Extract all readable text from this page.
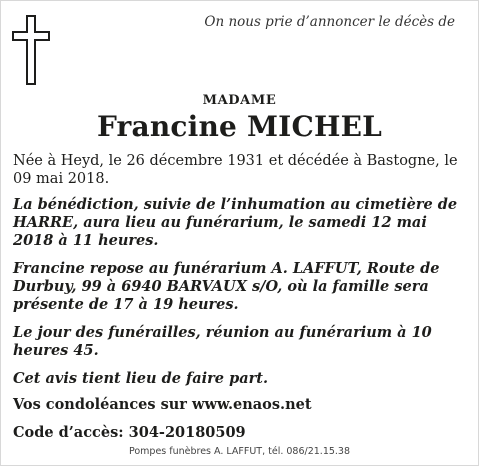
On nous prie d’annoncer le décès de
MADAME
Francine MICHEL
Née à Heyd, le 26 décembre 1931 et décédée à Bastogne, le 09 mai 2018.
La bénédiction, suivie de l’inhumation au cimetière de HARRE, aura lieu au funérarium, le samedi 12 mai 2018 à 11 heures.
Francine repose au funérarium A. LAFFUT, Route de Durbuy, 99 à 6940 BARVAUX s/O, où la famille sera présente de 17 à 19 heures.
Le jour des funérailles, réunion au funérarium à 10 heures 45.
Cet avis tient lieu de faire part.
Vos condoléances sur www.enaos.net
Code d’accès: 304-20180509
Pompes funèbres A. LAFFUT, tél. 086/21.15.38
